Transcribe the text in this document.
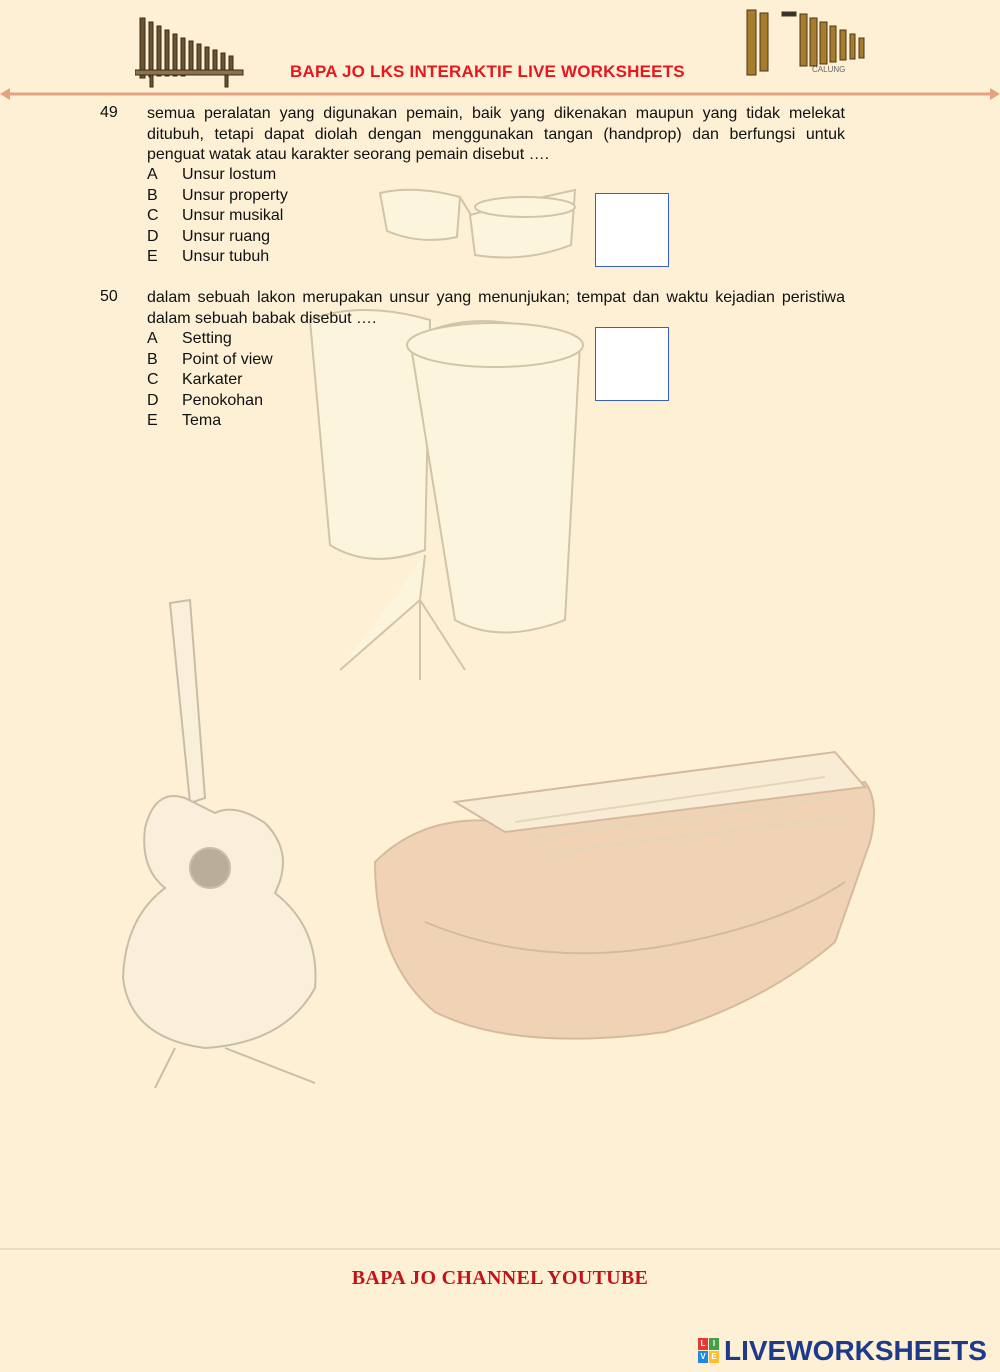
BAPA JO LKS INTERAKTIF LIVE WORKSHEETS	CALUNG
49 semua peralatan yang digunakan pemain, baik yang dikenakan maupun yang tidak melekat ditubuh, tetapi dapat diolah dengan menggunakan tangan (handprop) dan berfungsi untuk penguat watak atau karakter seorang pemain disebut ….
A Unsur lostum
B Unsur property
C Unsur musikal
D Unsur ruang
E Unsur tubuh
50 dalam sebuah lakon merupakan unsur yang menunjukan; tempat dan waktu kejadian peristiwa dalam sebuah babak disebut ….
A Setting
B Point of view
C Karkater
D Penokohan
E Tema
BAPA JO CHANNEL YOUTUBE
L I
V E LIVEWORKSHEETS
